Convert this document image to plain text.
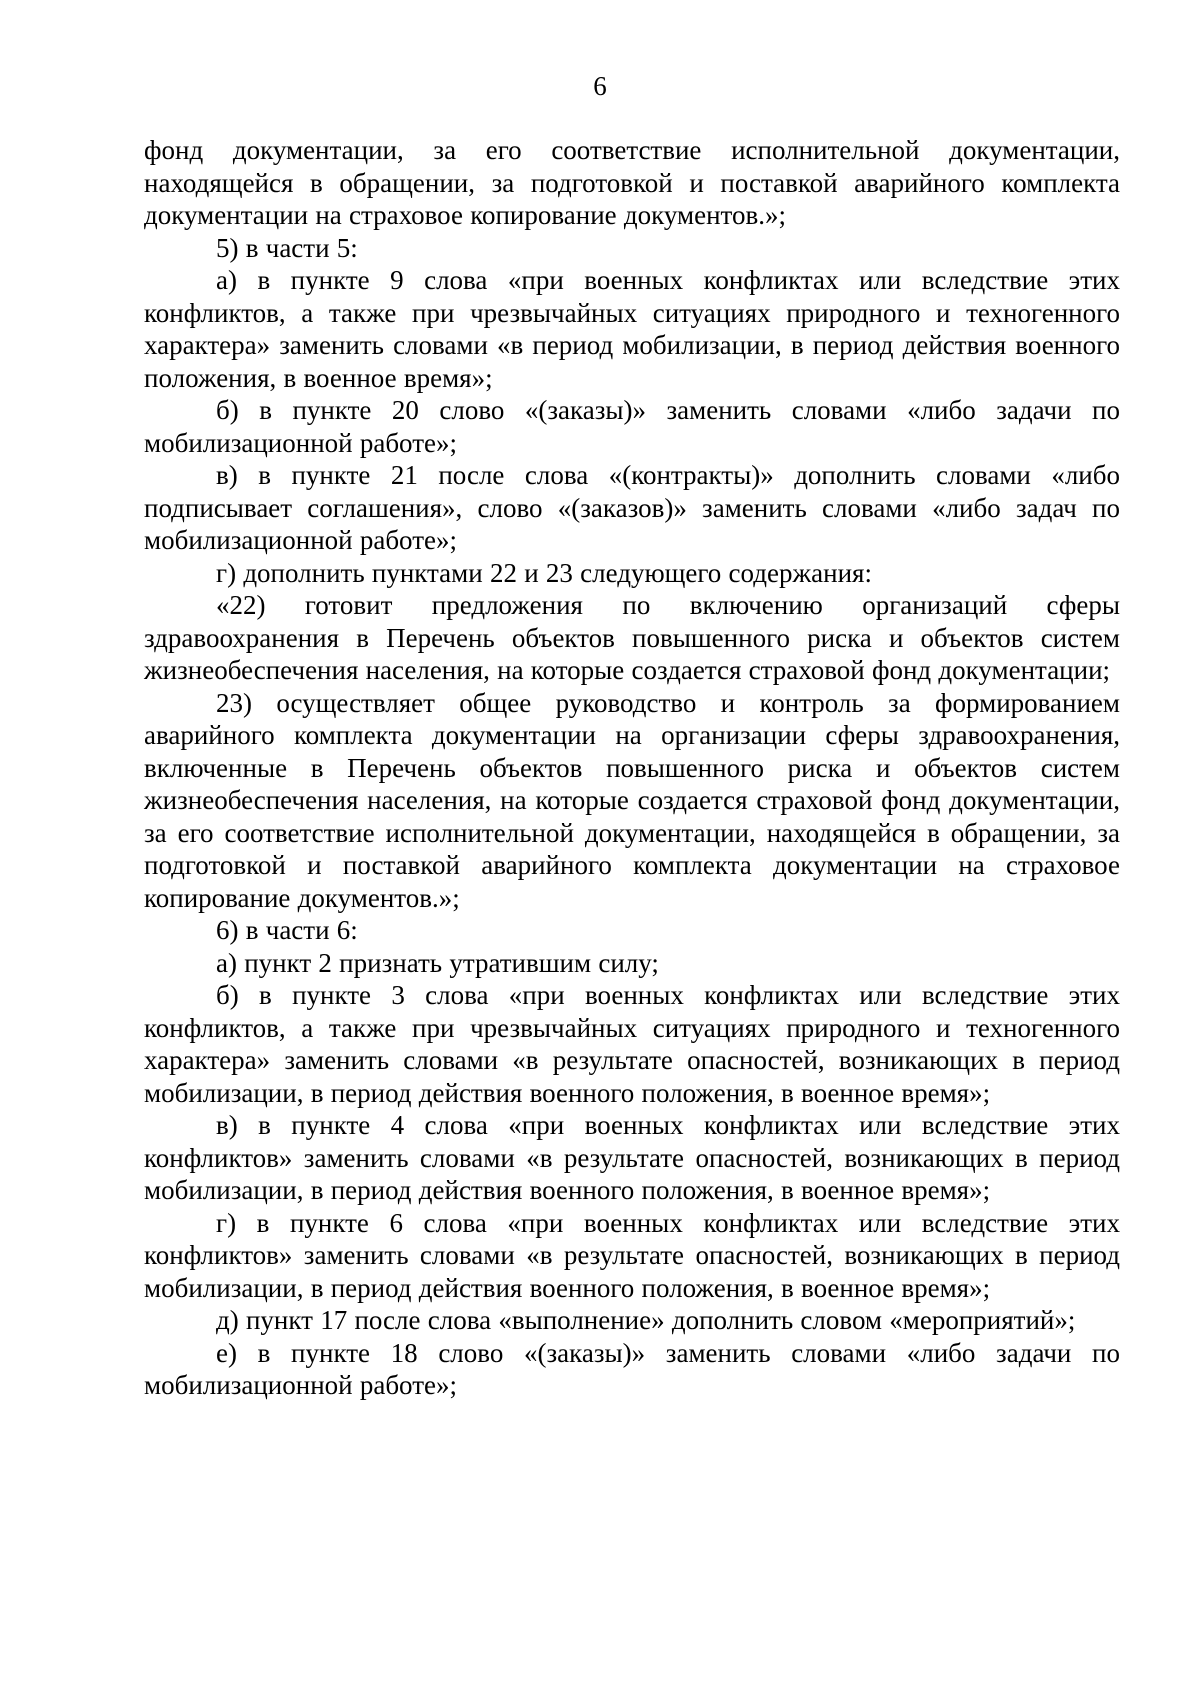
6

фонд документации, за его соответствие исполнительной документации, находящейся в обращении, за подготовкой и поставкой аварийного комплекта документации на страховое копирование документов.»;

5) в части 5:

а) в пункте 9 слова «при военных конфликтах или вследствие этих конфликтов, а также при чрезвычайных ситуациях природного и техногенного характера» заменить словами «в период мобилизации, в период действия военного положения, в военное время»;

б) в пункте 20 слово «(заказы)» заменить словами «либо задачи по мобилизационной работе»;

в) в пункте 21 после слова «(контракты)» дополнить словами «либо подписывает соглашения», слово «(заказов)» заменить словами «либо задач по мобилизационной работе»;

г) дополнить пунктами 22 и 23 следующего содержания:

«22) готовит предложения по включению организаций сферы здравоохранения в Перечень объектов повышенного риска и объектов систем жизнеобеспечения населения, на которые создается страховой фонд документации;

23) осуществляет общее руководство и контроль за формированием аварийного комплекта документации на организации сферы здравоохранения, включенные в Перечень объектов повышенного риска и объектов систем жизнеобеспечения населения, на которые создается страховой фонд документации, за его соответствие исполнительной документации, находящейся в обращении, за подготовкой и поставкой аварийного комплекта документации на страховое копирование документов.»;

6) в части 6:

а) пункт 2 признать утратившим силу;

б) в пункте 3 слова «при военных конфликтах или вследствие этих конфликтов, а также при чрезвычайных ситуациях природного и техногенного характера» заменить словами «в результате опасностей, возникающих в период мобилизации, в период действия военного положения, в военное время»;

в) в пункте 4 слова «при военных конфликтах или вследствие этих конфликтов» заменить словами «в результате опасностей, возникающих в период мобилизации, в период действия военного положения, в военное время»;

г) в пункте 6 слова «при военных конфликтах или вследствие этих конфликтов» заменить словами «в результате опасностей, возникающих в период мобилизации, в период действия военного положения, в военное время»;

д) пункт 17 после слова «выполнение» дополнить словом «мероприятий»;

е) в пункте 18 слово «(заказы)» заменить словами «либо задачи по мобилизационной работе»;
